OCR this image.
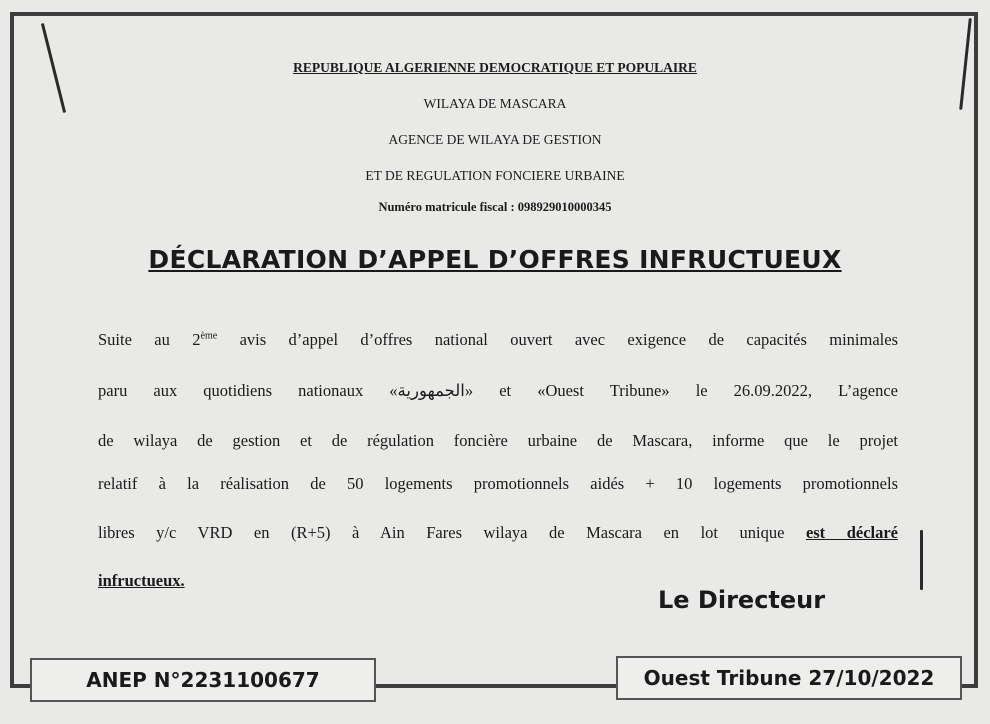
REPUBLIQUE ALGERIENNE DEMOCRATIQUE ET POPULAIRE
WILAYA DE MASCARA
AGENCE DE WILAYA DE GESTION
ET DE REGULATION FONCIERE URBAINE
Numéro matricule fiscal : 098929010000345
DÉCLARATION D’APPEL D’OFFRES INFRUCTUEUX
Suite au 2ème avis d’appel d’offres national ouvert avec exigence de capacités minimales
paru aux quotidiens nationaux «الجمهورية» et «Ouest Tribune» le 26.09.2022, L’agence
de wilaya de gestion et de régulation foncière urbaine de Mascara, informe que le projet
relatif à la réalisation de 50 logements promotionnels aidés + 10 logements promotionnels
libres y/c VRD en (R+5) à Ain Fares wilaya de Mascara en lot unique est déclaré
infructueux.
Le Directeur
ANEP N°2231100677	Ouest Tribune 27/10/2022
